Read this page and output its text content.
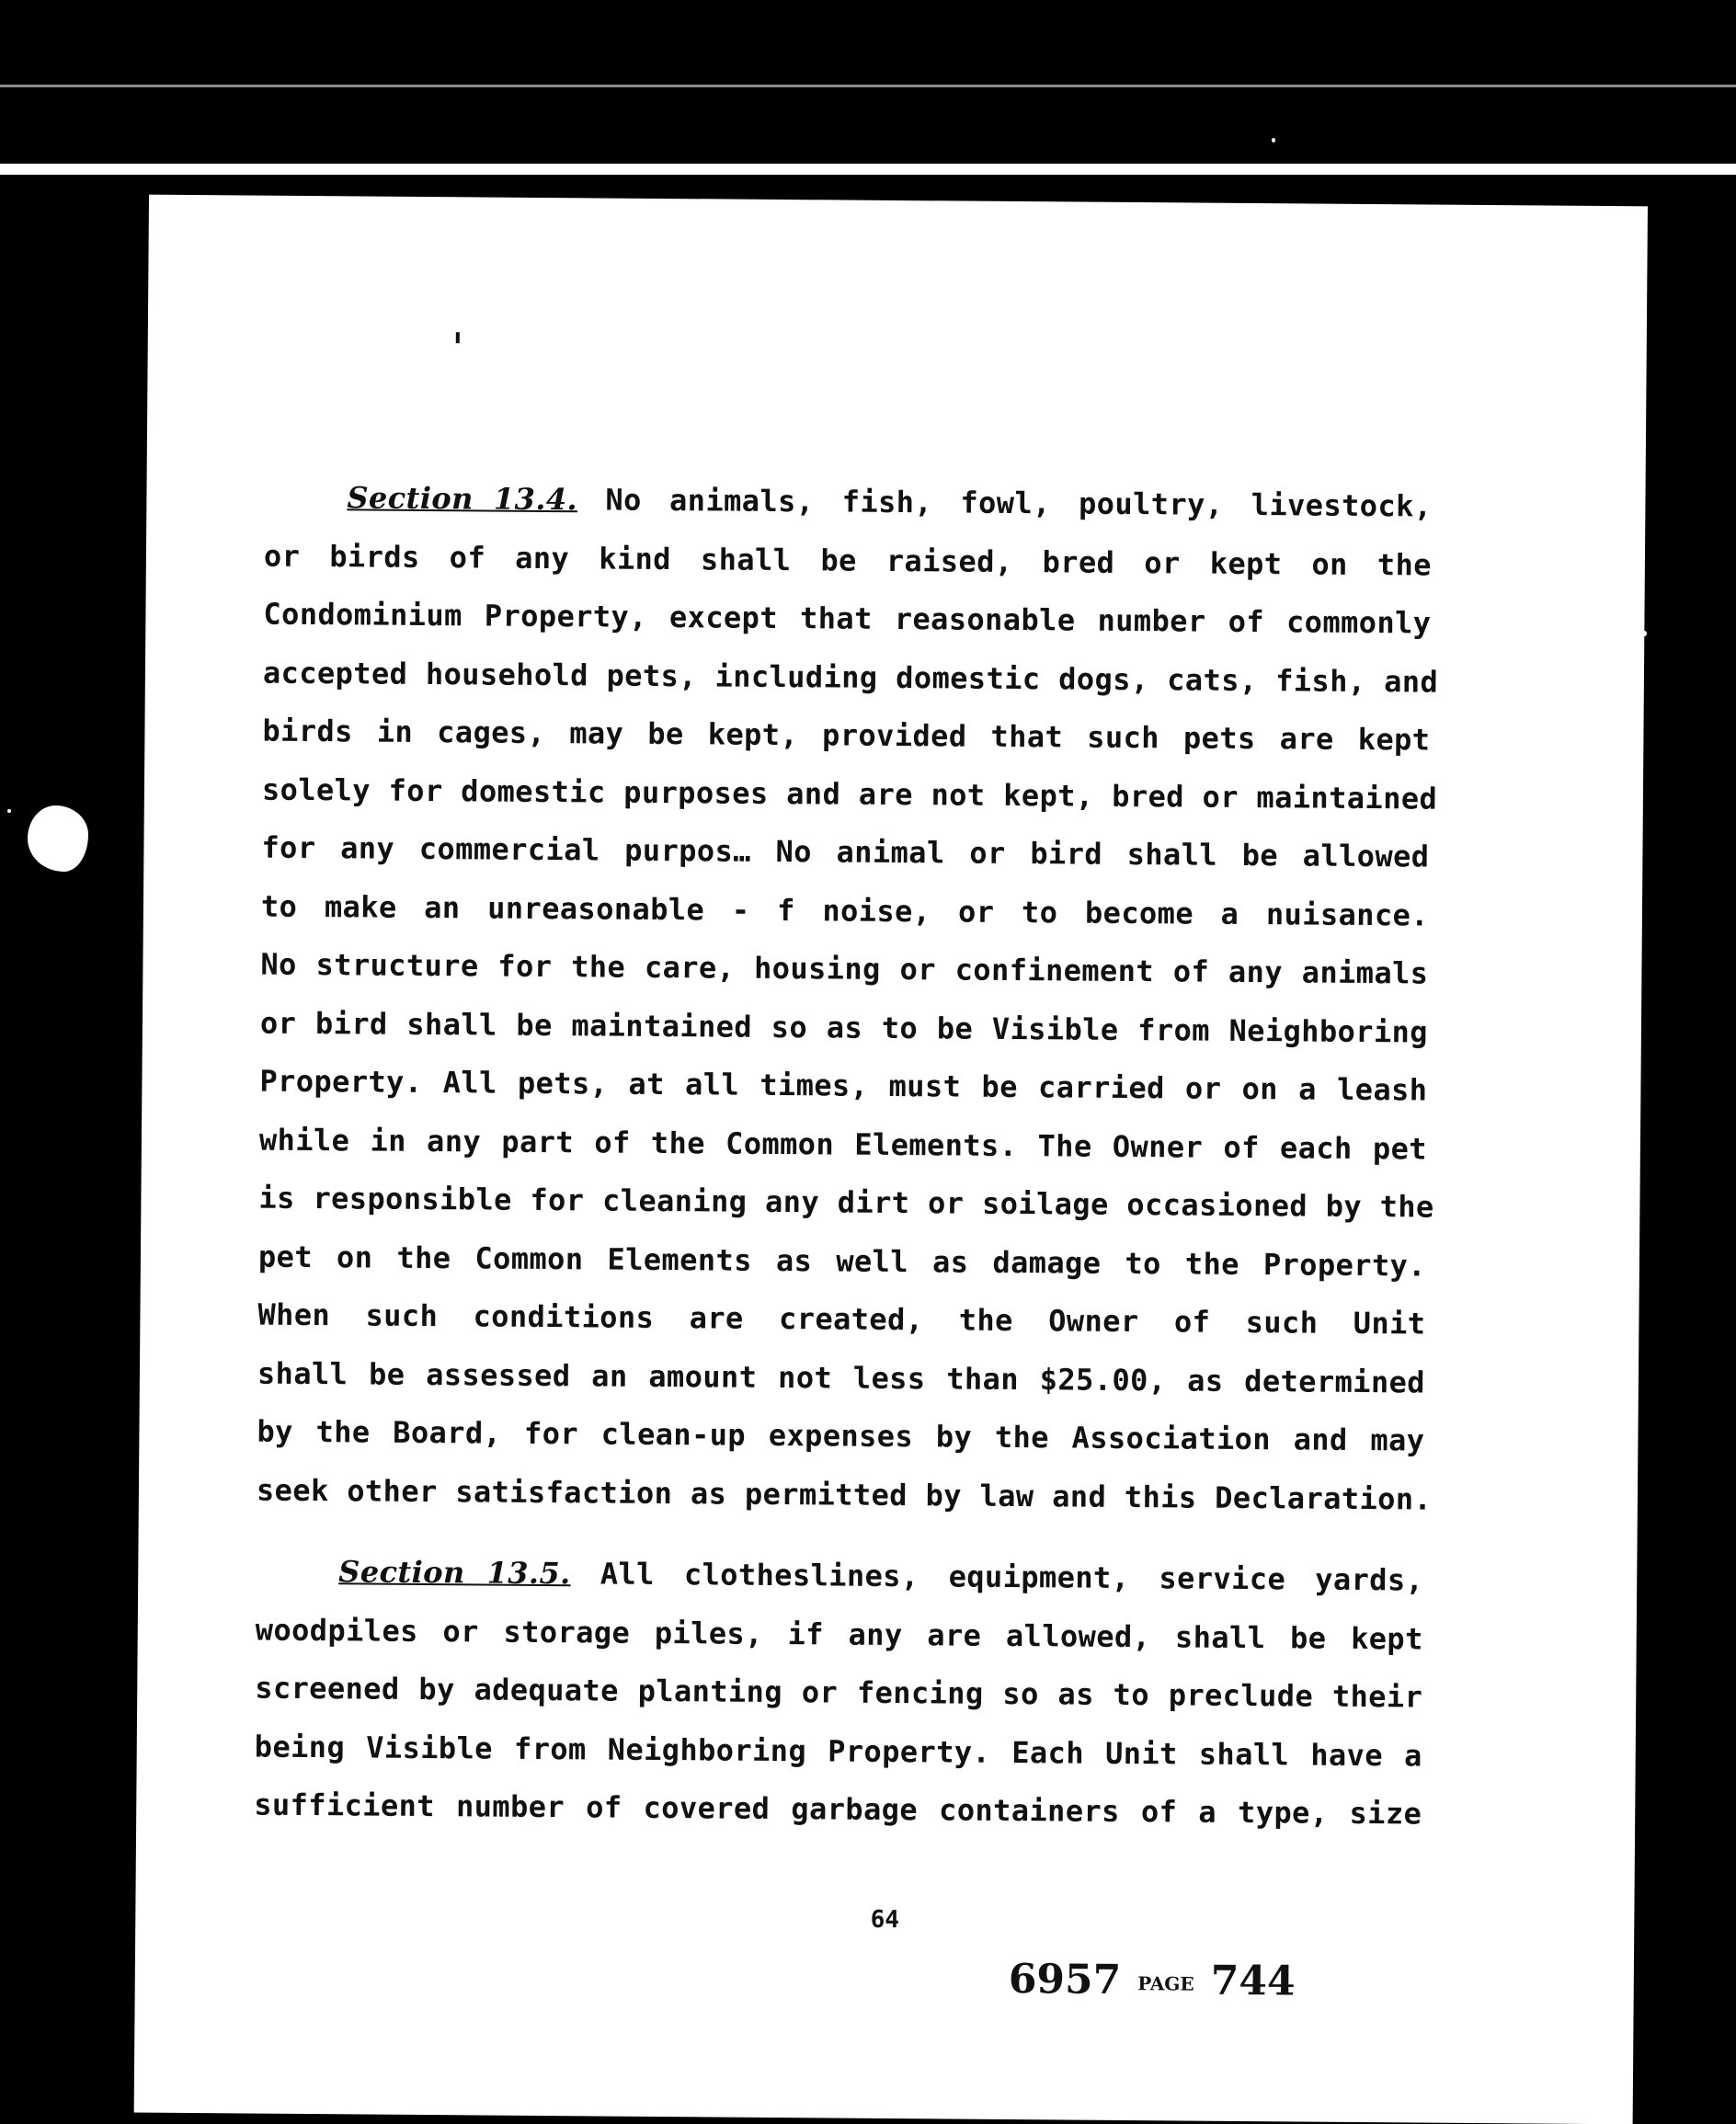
Section 13.4. No animals, fish, fowl, poultry, livestock,
or birds of any kind shall be raised, bred or kept on the
Condominium Property, except that reasonable number of commonly
accepted household pets, including domestic dogs, cats, fish, and
birds in cages, may be kept, provided that such pets are kept
solely for domestic purposes and are not kept, bred or maintained
for any commercial purpos… No animal or bird shall be allowed
to make an unreasonable - f noise, or to become a nuisance.
No structure for the care, housing or confinement of any animals
or bird shall be maintained so as to be Visible from Neighboring
Property. All pets, at all times, must be carried or on a leash
while in any part of the Common Elements. The Owner of each pet
is responsible for cleaning any dirt or soilage occasioned by the
pet on the Common Elements as well as damage to the Property.
When such conditions are created, the Owner of such Unit
shall be assessed an amount not less than $25.00, as determined
by the Board, for clean-up expenses by the Association and may
seek other satisfaction as permitted by law and this Declaration.
Section 13.5. All clotheslines, equipment, service yards,
woodpiles or storage piles, if any are allowed, shall be kept
screened by adequate planting or fencing so as to preclude their
being Visible from Neighboring Property. Each Unit shall have a
sufficient number of covered garbage containers of a type, size
64
6957 PAGE 744
